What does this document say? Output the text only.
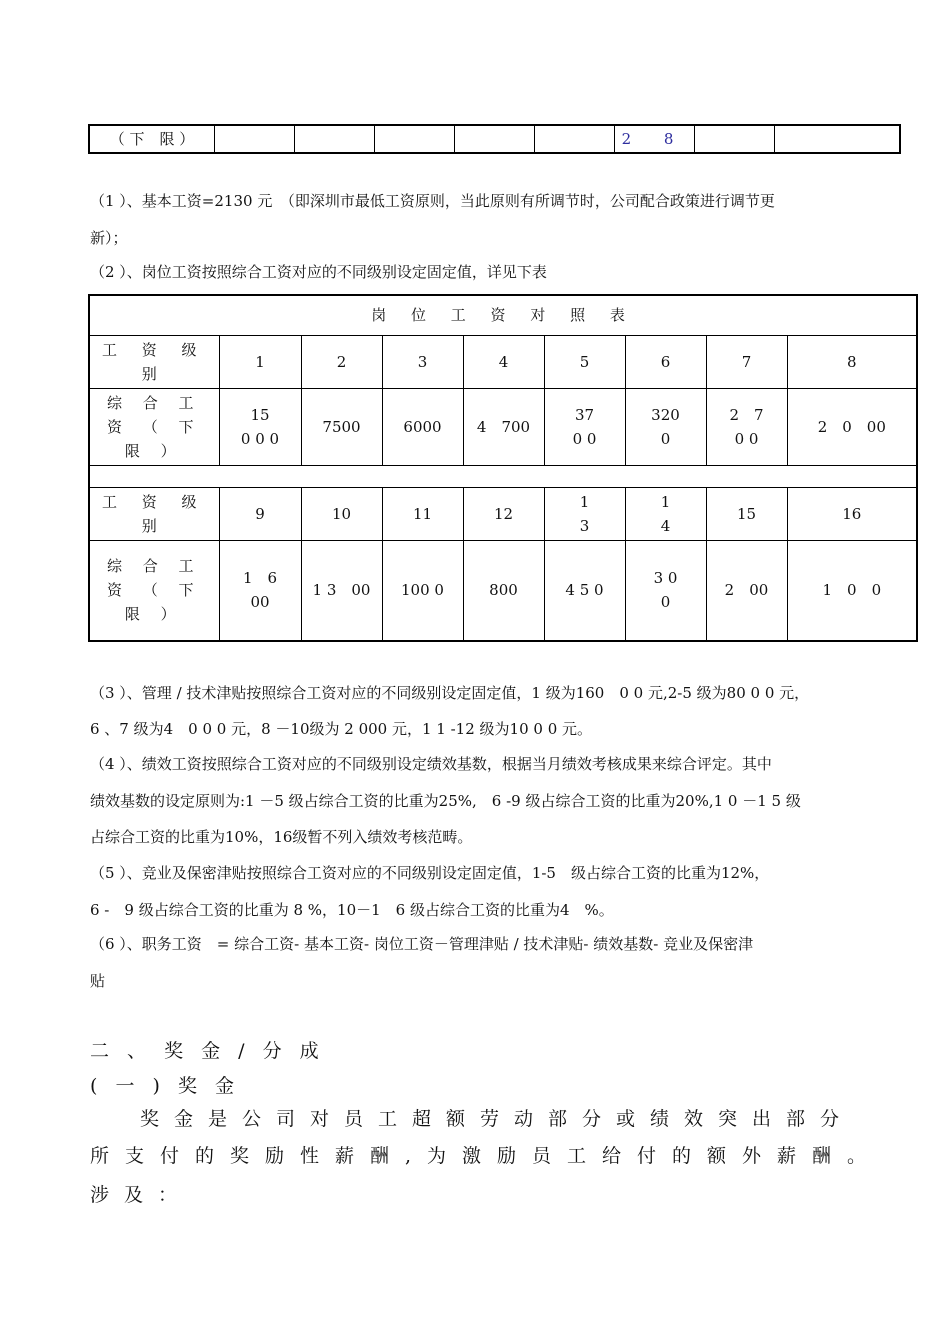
（ 下　限 ）						2 8		
（1 ）、基本工资=2130 元　（即深圳市最低工资原则，当此原则有所调节时，公司配合政策进行调节更
新）；
（2 ）、岗位工资按照综合工资对应的不同级别设定固定值，详见下表
岗 位 工 资 对 照 表								
工 资 级 别	1	2	3	4	5	6	7	8
综 合 工 资 （ 下 限 ）	15　0 0 0	7500	6000	4　700	37 0 0	320 0	2　70 0	2　0　00

工 资 级 别	9	10	11	12	1 3	1 4	15	16
综 合 工 资 （ 下 限 ）	1　6 00	1 3　00	100 0	800	4 5 0	3 0 0	2　00	1　0　0
（3 ）、管理 / 技术津贴按照综合工资对应的不同级别设定固定值，1 级为160　0 0 元,2-5 级为80 0 0 元，
6 、7 级为4　0 0 0 元，8 －10级为 2 000 元，1 1 -12 级为10 0 0 元。
（4 ）、绩效工资按照综合工资对应的不同级别设定绩效基数，根据当月绩效考核成果来综合评定。其中
绩效基数的设定原则为:1 －5 级占综合工资的比重为25%,　6 -9 级占综合工资的比重为20%,1 0 －1 5 级
占综合工资的比重为10%，16级暂不列入绩效考核范畴。
（5 ）、竞业及保密津贴按照综合工资对应的不同级别设定固定值，1-5　级占综合工资的比重为12%，
6 -　9 级占综合工资的比重为 8 %，10－1　6 级占综合工资的比重为4　%。
（6 ）、职务工资　= 综合工资- 基本工资- 岗位工资－管理津贴 / 技术津贴- 绩效基数- 竞业及保密津
贴
二 、 奖 金 / 分 成
( 一 ) 奖 金
奖金是公司对员工超额劳动部分或绩效突出部分
所支付的奖励性薪酬,为激励员工给付的额外薪酬。
涉及：
